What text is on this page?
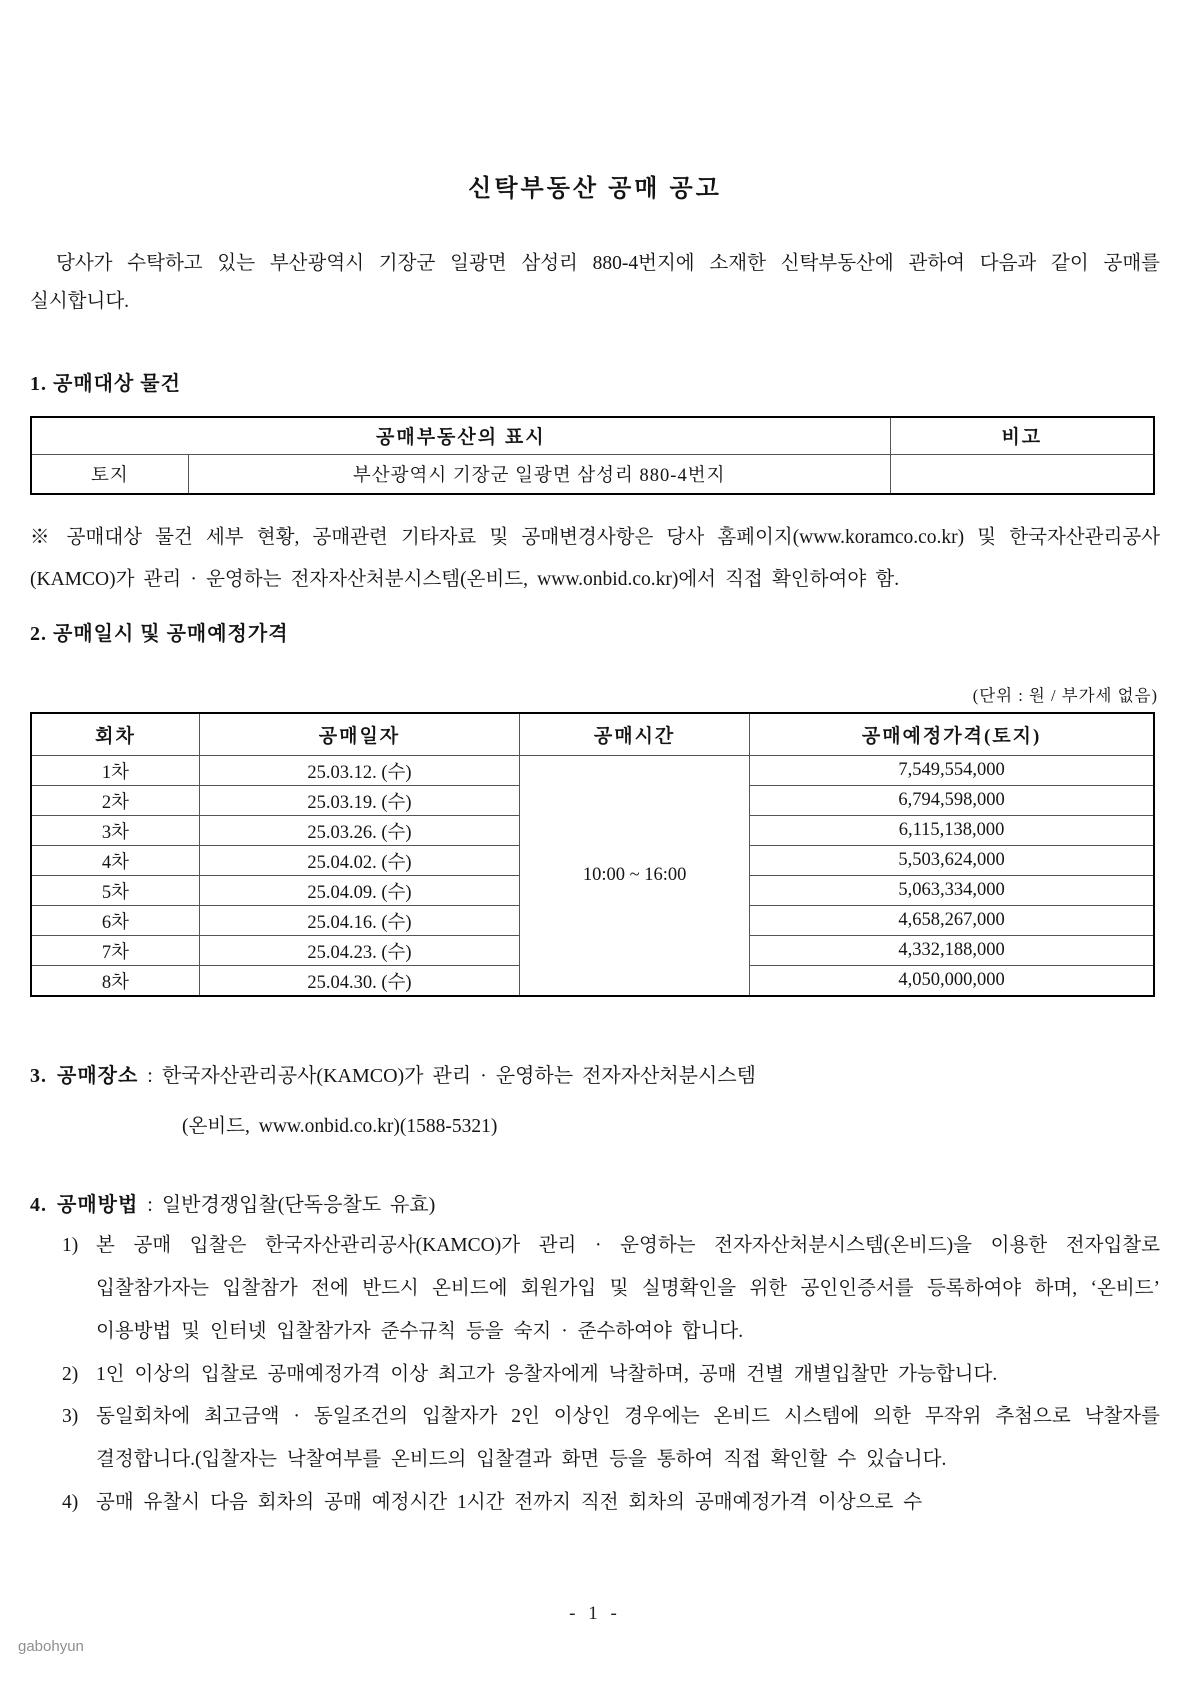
신탁부동산 공매 공고

당사가 수탁하고 있는 부산광역시 기장군 일광면 삼성리 880-4번지에 소재한 신탁부동산에 관하여 다음과 같이 공매를 실시합니다.

1. 공매대상 물건
공매부동산의 표시		비고
토지	부산광역시 기장군 일광면 삼성리 880-4번지	

※ 공매대상 물건 세부 현황, 공매관련 기타자료 및 공매변경사항은 당사 홈페이지(www.koramco.co.kr) 및 한국자산관리공사(KAMCO)가 관리 · 운영하는 전자자산처분시스템(온비드, www.onbid.co.kr)에서 직접 확인하여야 함.

2. 공매일시 및 공매예정가격
(단위 : 원 / 부가세 없음)
회차	공매일자	공매시간	공매예정가격(토지)
1차	25.03.12. (수)	10:00 ~ 16:00	7,549,554,000
2차	25.03.19. (수)		6,794,598,000
3차	25.03.26. (수)		6,115,138,000
4차	25.04.02. (수)		5,503,624,000
5차	25.04.09. (수)		5,063,334,000
6차	25.04.16. (수)		4,658,267,000
7차	25.04.23. (수)		4,332,188,000
8차	25.04.30. (수)		4,050,000,000
3. 공매장소 : 한국자산관리공사(KAMCO)가 관리 · 운영하는 전자자산처분시스템
(온비드, www.onbid.co.kr)(1588-5321)
4. 공매방법 : 일반경쟁입찰(단독응찰도 유효)
1) 본 공매 입찰은 한국자산관리공사(KAMCO)가 관리 · 운영하는 전자자산처분시스템(온비드)을 이용한 전자입찰로 입찰참가자는 입찰참가 전에 반드시 온비드에 회원가입 및 실명확인을 위한 공인인증서를 등록하여야 하며, ‘온비드’ 이용방법 및 인터넷 입찰참가자 준수규칙 등을 숙지 · 준수하여야 합니다.
2) 1인 이상의 입찰로 공매예정가격 이상 최고가 응찰자에게 낙찰하며, 공매 건별 개별입찰만 가능합니다.
3) 동일회차에 최고금액 · 동일조건의 입찰자가 2인 이상인 경우에는 온비드 시스템에 의한 무작위 추첨으로 낙찰자를 결정합니다.(입찰자는 낙찰여부를 온비드의 입찰결과 화면 등을 통하여 직접 확인할 수 있습니다.
4) 공매 유찰시 다음 회차의 공매 예정시간 1시간 전까지 직전 회차의 공매예정가격 이상으로 수
- 1 -
gabohyun
